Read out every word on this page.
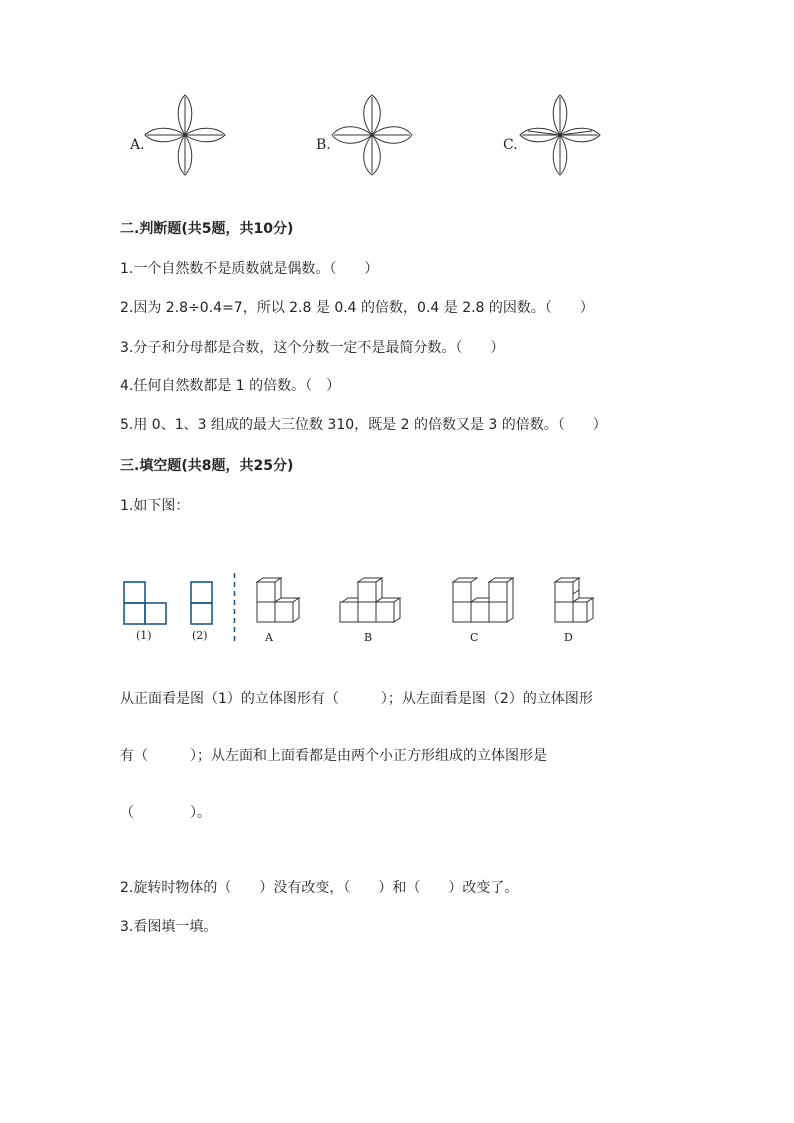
A.	B.	C.
二.判断题(共5题，共10分)
1.一个自然数不是质数就是偶数。（　　）
2.因为 2.8÷0.4=7，所以 2.8 是 0.4 的倍数，0.4 是 2.8 的因数。（　　）
3.分子和分母都是合数，这个分数一定不是最简分数。（　　）
4.任何自然数都是 1 的倍数。（　）
5.用 0、1、3 组成的最大三位数 310，既是 2 的倍数又是 3 的倍数。（　　）
三.填空题(共8题，共25分)
1.如下图：
(1)	(2)	A	B	C	D
从正面看是图（1）的立体图形有（　　　）；从左面看是图（2）的立体图形
有（　　　）；从左面和上面看都是由两个小正方形组成的立体图形是
（　　　　）。
2.旋转时物体的（　　）没有改变，（　　）和（　　）改变了。
3.看图填一填。
